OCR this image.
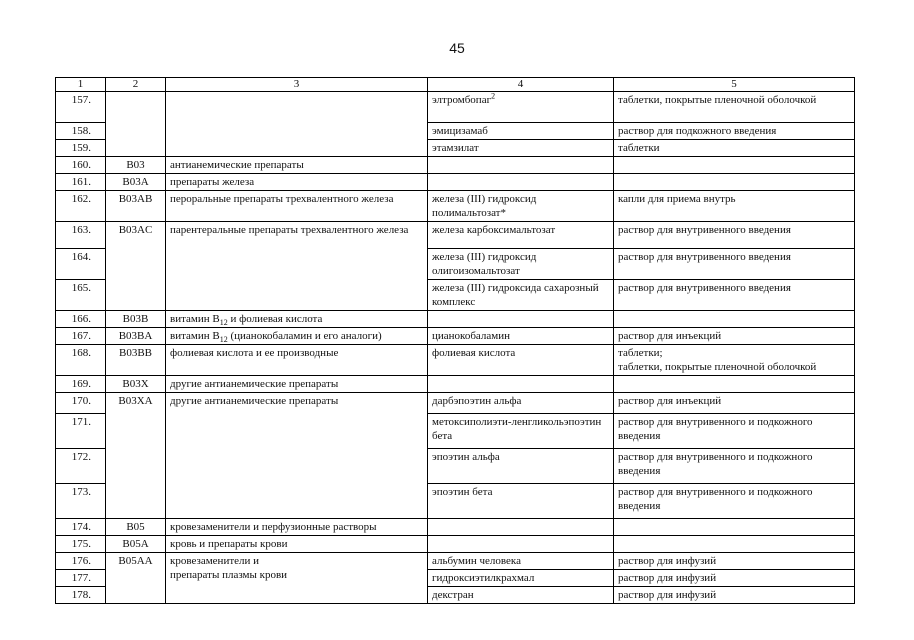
45
1	2	3	4	5
157.			элтромбопаг$^2$	таблетки, покрытые пленочной оболочкой
158.			эмицизамаб	раствор для подкожного введения
159.			этамзилат	таблетки
160.	B03	антианемические препараты		
161.	B03A	препараты железа		
162.	B03AB	пероральные препараты трехвалентного железа	железа (III) гидроксид полимальтозат*	капли для приема внутрь
163.	B03AC	парентеральные препараты трехвалентного железа	железа карбоксимальтозат	раствор для внутривенного введения
164.			железа (III) гидроксид олигоизомальтозат	раствор для внутривенного введения
165.			железа (III) гидроксида сахарозный комплекс	раствор для внутривенного введения
166.	B03B	витамин $B_{12}$ и фолиевая кислота		
167.	B03BA	витамин $B_{12}$ (цианокобаламин и его аналоги)	цианокобаламин	раствор для инъекций
168.	B03BB	фолиевая кислота и ее производные	фолиевая кислота	таблетки;
таблетки, покрытые пленочной оболочкой

169.	B03X	другие антианемические препараты		
170.	B03XA	другие антианемические препараты	дарбэпоэтин альфа	раствор для инъекций
171.			метоксиполиэти-ленгликольэпоэтин бета	раствор для внутривенного и подкожного введения
172.			эпоэтин альфа	раствор для внутривенного и подкожного введения
173.			эпоэтин бета	раствор для внутривенного и подкожного введения
174.	B05	кровезаменители и перфузионные растворы		
175.	B05A	кровь и препараты крови		
176.	B05AA	кровезаменители и
препараты плазмы крови	альбумин человека	раствор для инфузий
177.			гидроксиэтилкрахмал	раствор для инфузий
178.			декстран	раствор для инфузий
